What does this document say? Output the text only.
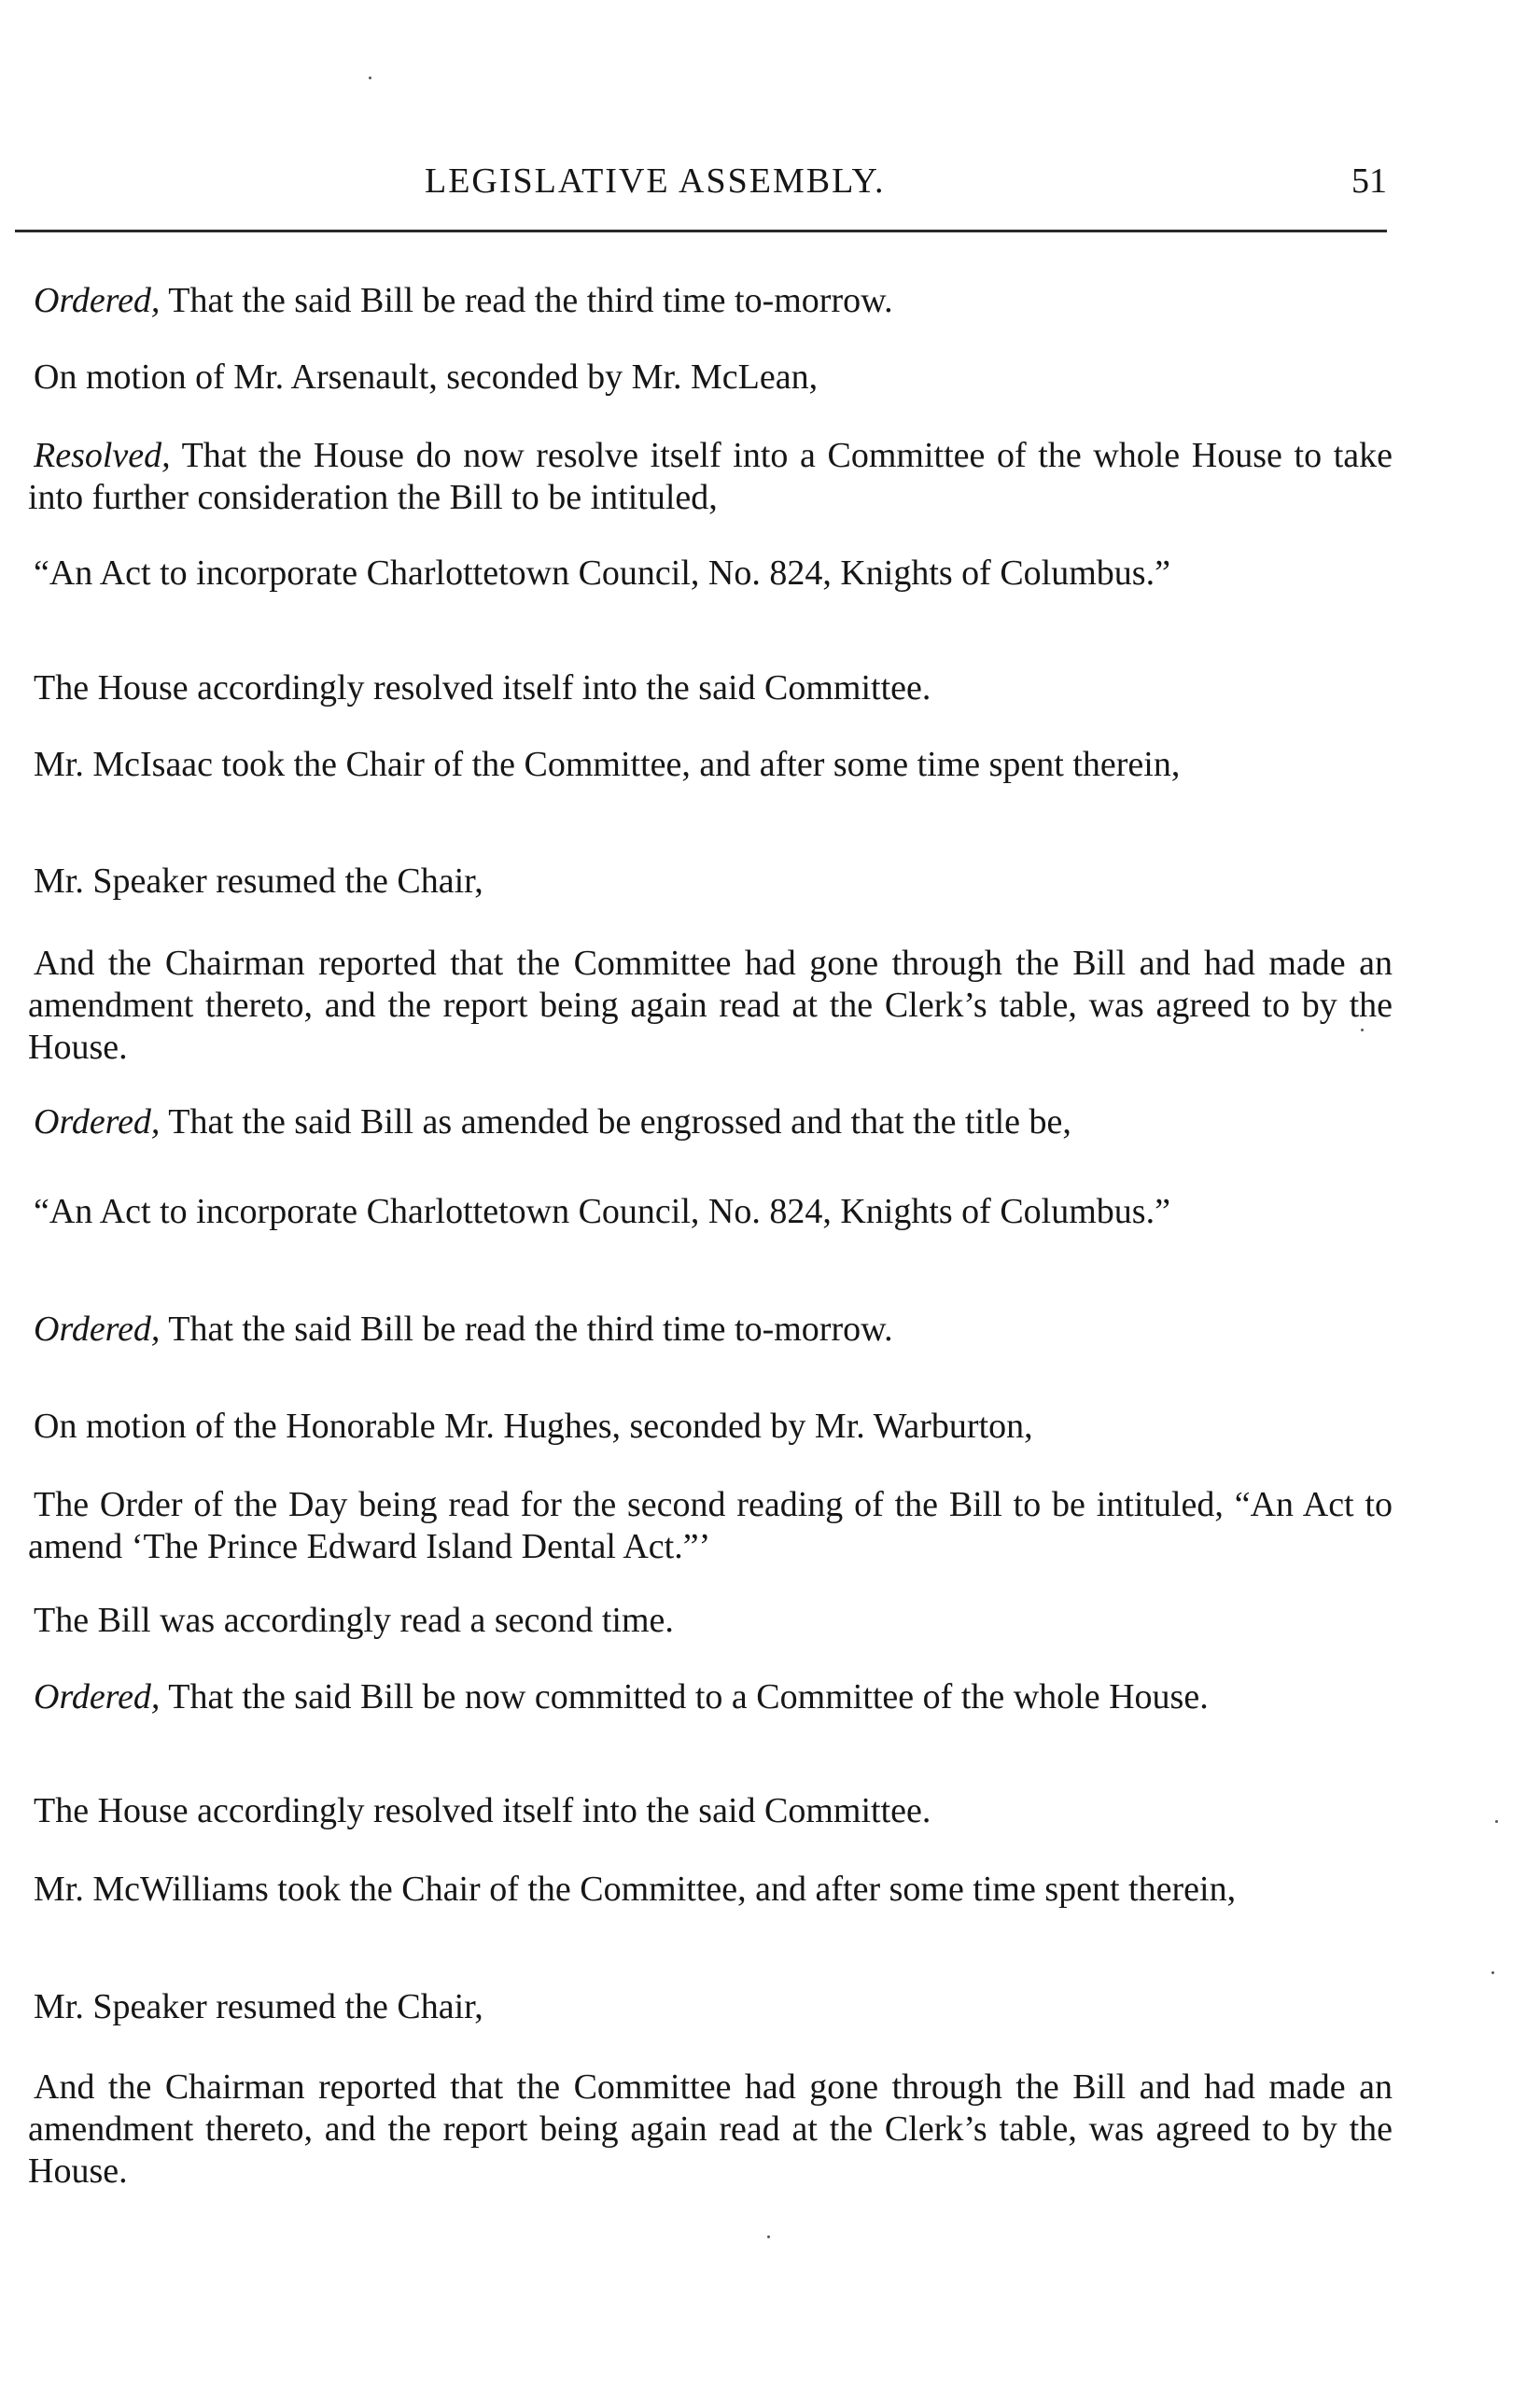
LEGISLATIVE ASSEMBLY.	51

Ordered, That the said Bill be read the third time to-morrow.

On motion of Mr. Arsenault, seconded by Mr. McLean,

Resolved, That the House do now resolve itself into a Committee of the whole House to take into further consideration the Bill to be intituled,

“An Act to incorporate Charlottetown Council, No. 824, Knights of Columbus.”

The House accordingly resolved itself into the said Committee.

Mr. McIsaac took the Chair of the Committee, and after some time spent therein,

Mr. Speaker resumed the Chair,

And the Chairman reported that the Committee had gone through the Bill and had made an amendment thereto, and the report being again read at the Clerk’s table, was agreed to by the House.

Ordered, That the said Bill as amended be engrossed and that the title be,

“An Act to incorporate Charlottetown Council, No. 824, Knights of Columbus.”

Ordered, That the said Bill be read the third time to-morrow.

On motion of the Honorable Mr. Hughes, seconded by Mr. Warburton,

The Order of the Day being read for the second reading of the Bill to be intituled, “An Act to amend ‘The Prince Edward Island Dental Act.”’

The Bill was accordingly read a second time.

Ordered, That the said Bill be now committed to a Committee of the whole House.

The House accordingly resolved itself into the said Committee.

Mr. McWilliams took the Chair of the Committee, and after some time spent therein,

Mr. Speaker resumed the Chair,

And the Chairman reported that the Committee had gone through the Bill and had made an amendment thereto, and the report being again read at the Clerk’s table, was agreed to by the House.
